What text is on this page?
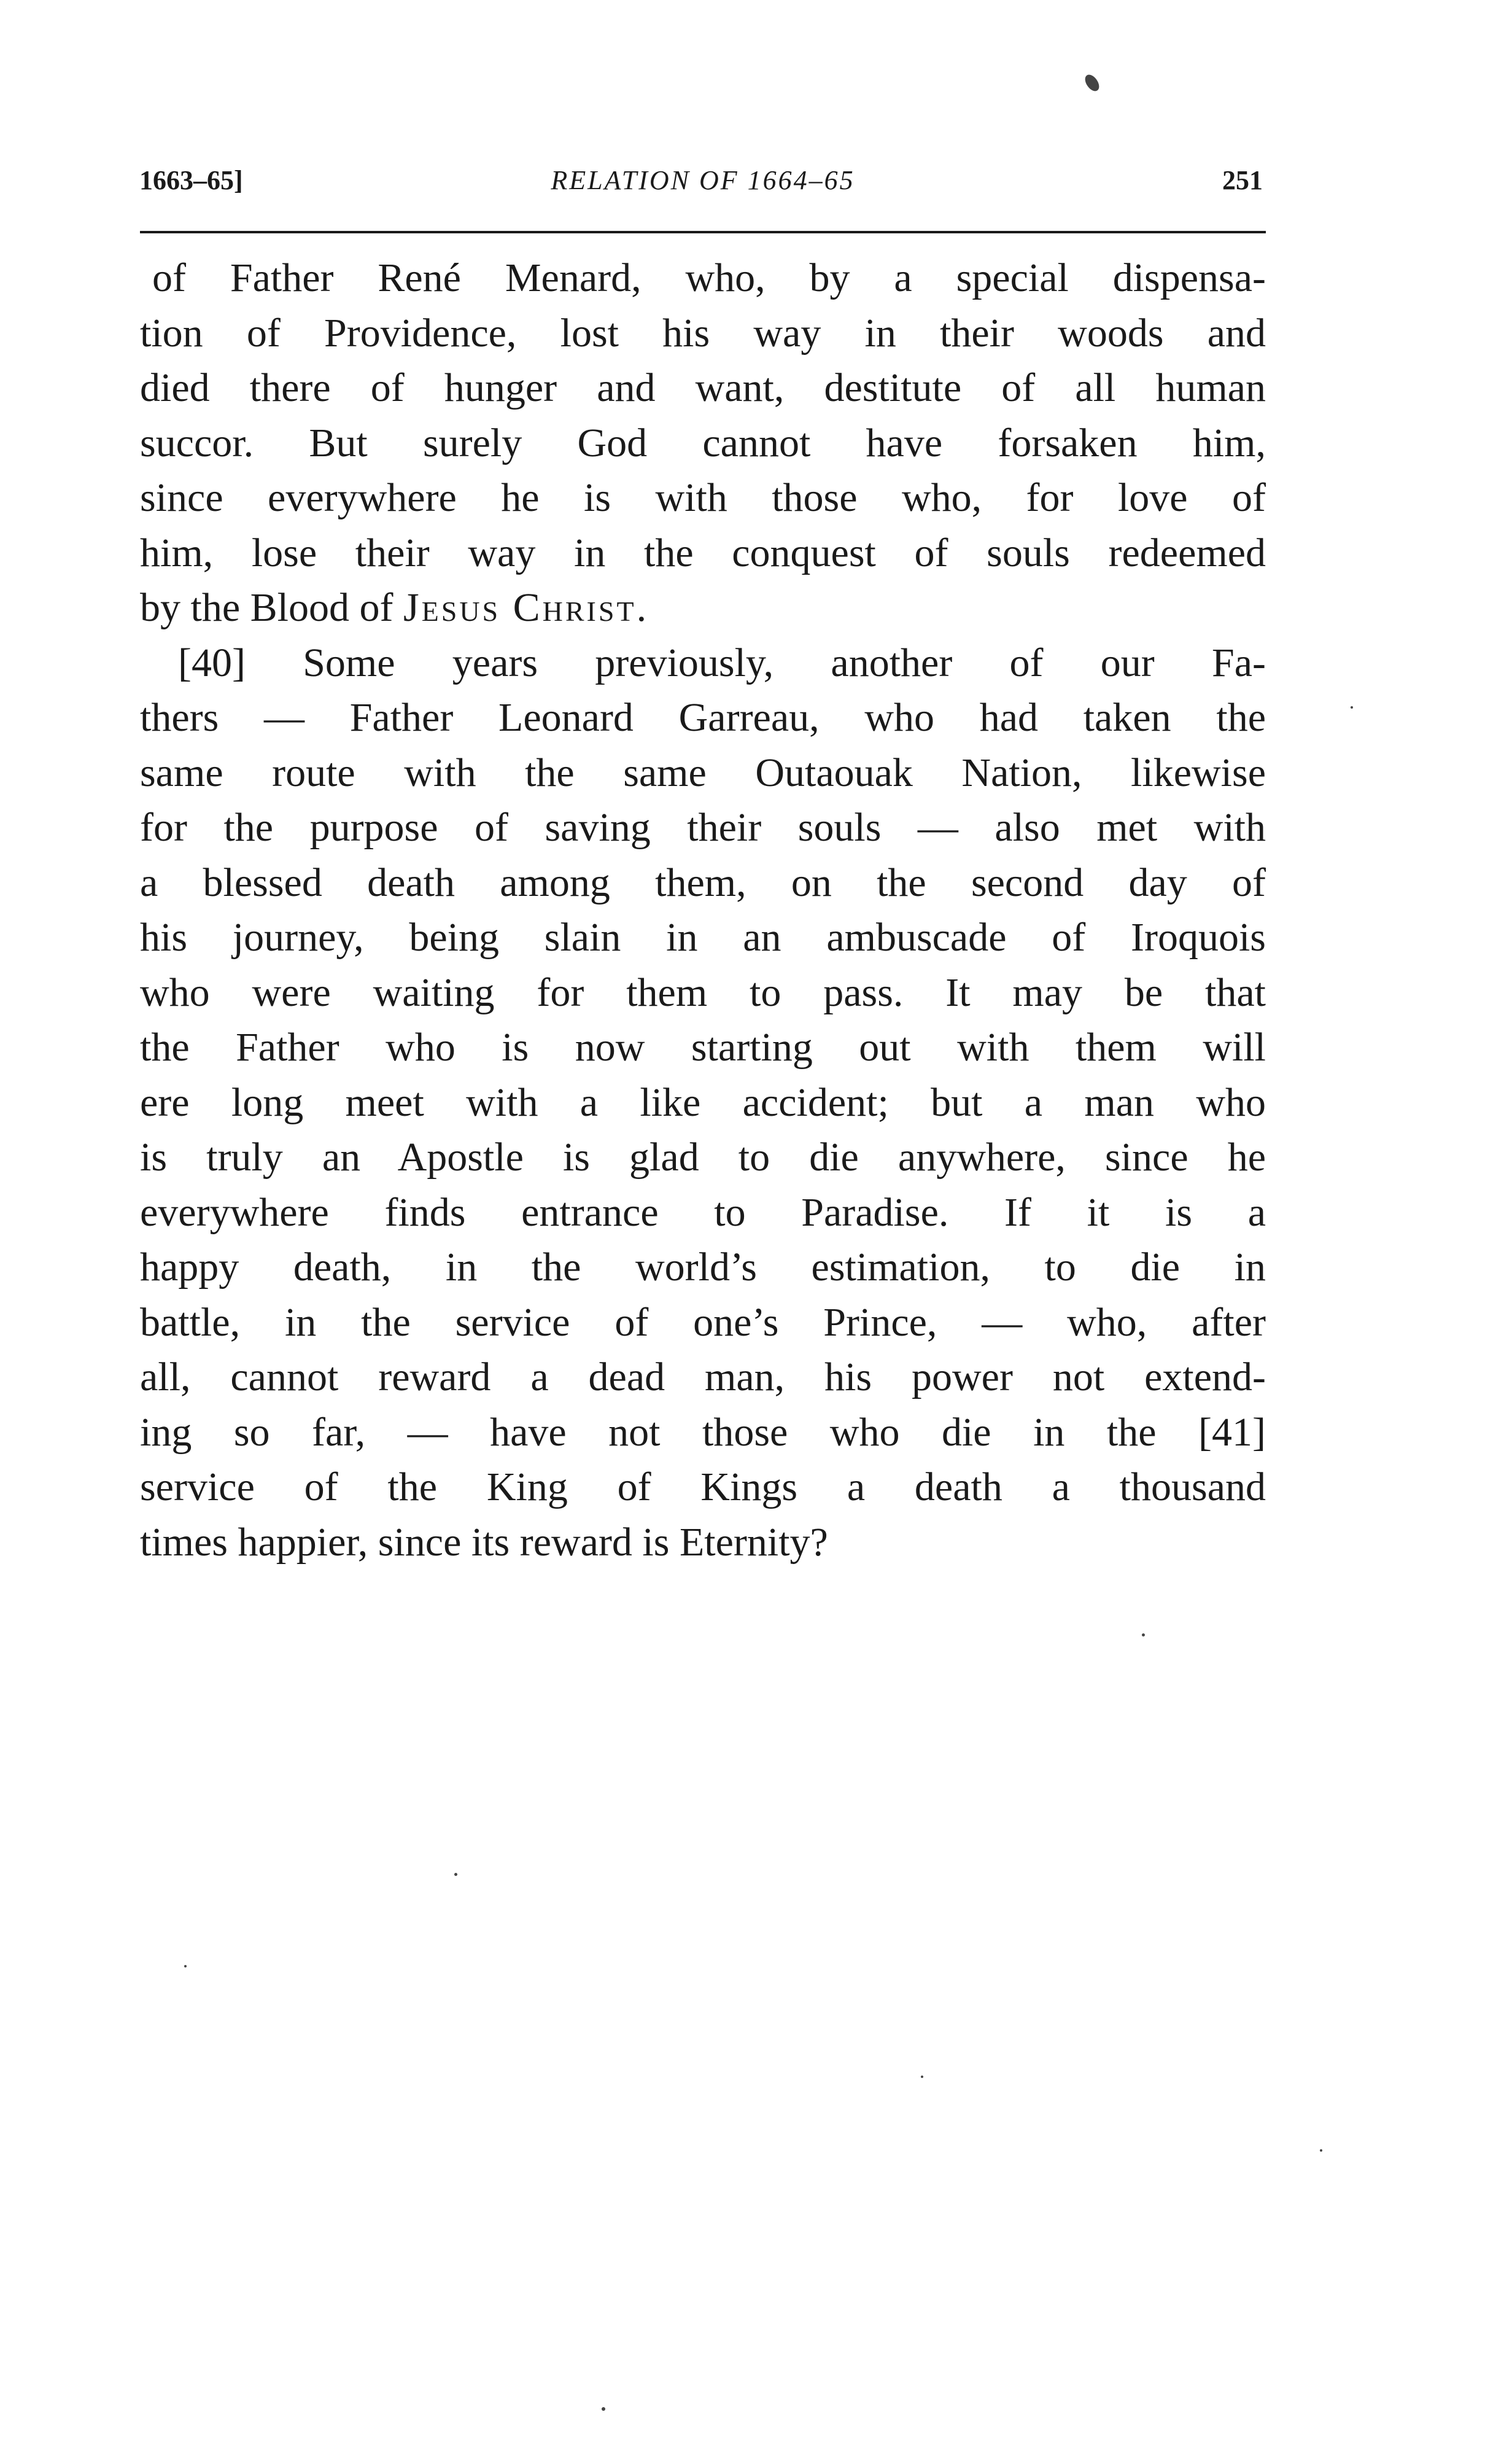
1663–65]	RELATION OF 1664–65	251
of Father René Menard, who, by a special dispensa-
tion of Providence, lost his way in their woods and
died there of hunger and want, destitute of all human
succor. But surely God cannot have forsaken him,
since everywhere he is with those who, for love of
him, lose their way in the conquest of souls redeemed
by the Blood of Jesus Christ.
[40] Some years previously, another of our Fa-
thers — Father Leonard Garreau, who had taken the
same route with the same Outaouak Nation, likewise
for the purpose of saving their souls — also met with
a blessed death among them, on the second day of
his journey, being slain in an ambuscade of Iroquois
who were waiting for them to pass. It may be that
the Father who is now starting out with them will
ere long meet with a like accident; but a man who
is truly an Apostle is glad to die anywhere, since he
everywhere finds entrance to Paradise. If it is a
happy death, in the world’s estimation, to die in
battle, in the service of one’s Prince, — who, after
all, cannot reward a dead man, his power not extend-
ing so far, — have not those who die in the [41]
service of the King of Kings a death a thousand
times happier, since its reward is Eternity?
